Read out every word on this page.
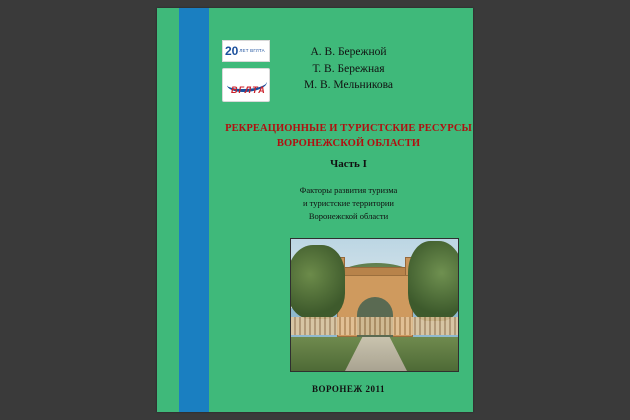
20 ЛЕТ ВГЛТА
ВГЛТА
А. В. Бережной
Т. В. Бережная
М. В. Мельникова
РЕКРЕАЦИОННЫЕ И ТУРИСТСКИЕ РЕСУРСЫ
ВОРОНЕЖСКОЙ ОБЛАСТИ
Часть I
Факторы развития туризма
и туристские территории
Воронежской области
ВОРОНЕЖ 2011
